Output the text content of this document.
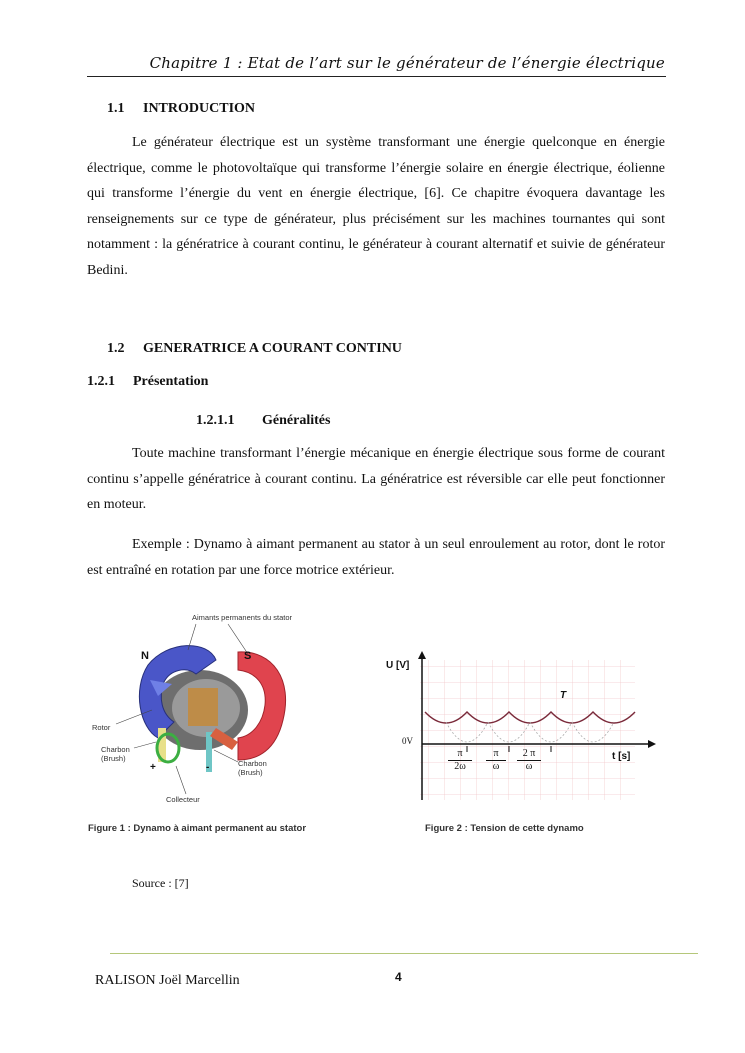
Chapitre 1 : Etat de l’art sur le générateur de l’énergie électrique
1.1 INTRODUCTION

Le générateur électrique est un système transformant une énergie quelconque en énergie électrique, comme le photovoltaïque qui transforme l’énergie solaire en énergie électrique, éolienne qui transforme l’énergie du vent en énergie électrique, [6]. Ce chapitre évoquera davantage les renseignements sur ce type de générateur, plus précisément sur les machines tournantes qui sont notamment : la génératrice à courant continu, le générateur à courant alternatif et suivie de générateur Bedini.

1.2 GENERATRICE A COURANT CONTINU
1.2.1 Présentation
1.2.1.1 Généralités

Toute machine transformant l’énergie mécanique en énergie électrique sous forme de courant continu s’appelle génératrice à courant continu. La génératrice est réversible car elle peut fonctionner en moteur.

Exemple : Dynamo à aimant permanent au stator à un seul enroulement au rotor, dont le rotor est entraîné en rotation par une force motrice extérieur.

Aimants permanents du stator
N	S
Rotor
Charbon
(Brush)
Charbon
(Brush)
+	-
Collecteur
Figure 1 : Dynamo à aimant permanent au stator
U [V]
t [s]
0V
T
π
2ω
π
ω
2 π
ω
Figure 2 : Tension de cette dynamo
Source : [7]
RALISON Joël Marcellin	4
